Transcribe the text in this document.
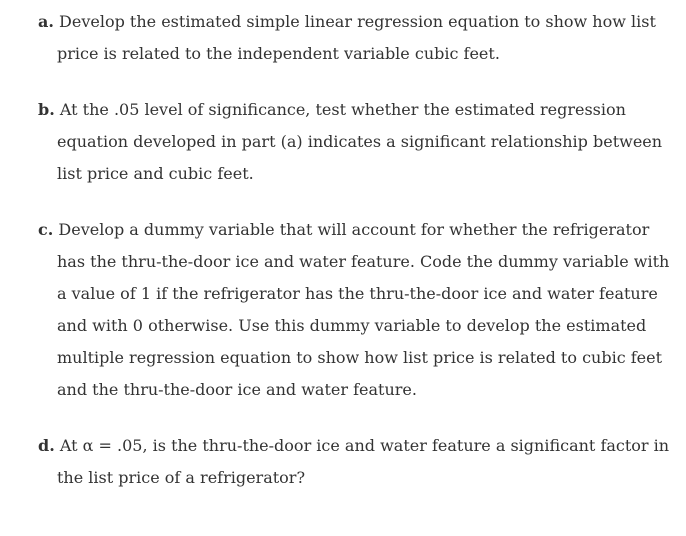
a. Develop the estimated simple linear regression equation to show how list price is related to the independent variable cubic feet.

b. At the .05 level of significance, test whether the estimated regression equation developed in part (a) indicates a significant relationship between list price and cubic feet.

c. Develop a dummy variable that will account for whether the refrigerator has the thru-the-door ice and water feature. Code the dummy variable with a value of 1 if the refrigerator has the thru-the-door ice and water feature and with 0 otherwise. Use this dummy variable to develop the estimated multiple regression equation to show how list price is related to cubic feet and the thru-the-door ice and water feature.

d. At α = .05, is the thru-the-door ice and water feature a significant factor in the list price of a refrigerator?
